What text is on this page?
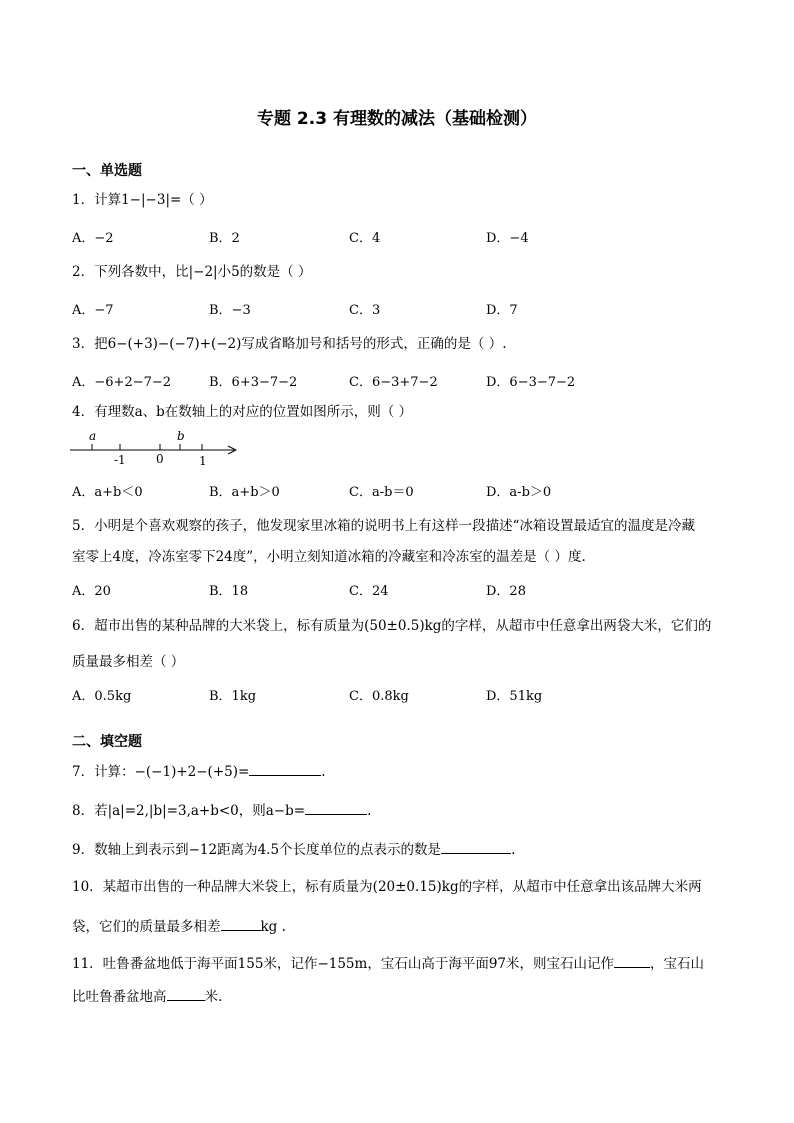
专题 2.3 有理数的减法（基础检测）
一、单选题
1．计算1−|−3|=（ ）
A．−2	B．2	C．4	D．−4
2．下列各数中，比|−2|小5的数是（ ）
A．−7	B．−3	C．3	D．7
3．把6−(+3)−(−7)+(−2)写成省略加号和括号的形式，正确的是（ ）.
A．−6+2−7−2	B．6+3−7−2	C．6−3+7−2	D．6−3−7−2
4．有理数a、b在数轴上的对应的位置如图所示，则（ ）
a	b
-1	0	1
A．a+b＜0	B．a+b＞0	C．a-b＝0	D．a-b＞0
5．小明是个喜欢观察的孩子，他发现家里冰箱的说明书上有这样一段描述“冰箱设置最适宜的温度是冷藏
室零上4度，冷冻室零下24度”，小明立刻知道冰箱的冷藏室和冷冻室的温差是（ ）度.
A．20	B．18	C．24	D．28
6．超市出售的某种品牌的大米袋上，标有质量为(50±0.5)kg的字样，从超市中任意拿出两袋大米，它们的
质量最多相差（ ）
A．0.5kg	B．1kg	C．0.8kg	D．51kg
二、填空题
7．计算：−(−1)+2−(+5)=	.
8．若|a|=2,|b|=3,a+b<0，则a−b=	.
9．数轴上到表示到−12距离为4.5个长度单位的点表示的数是	.
10．某超市出售的一种品牌大米袋上，标有质量为(20±0.15)kg的字样，从超市中任意拿出该品牌大米两
袋，它们的质量最多相差	kg .
11．吐鲁番盆地低于海平面155米，记作−155m，宝石山高于海平面97米，则宝石山记作	，宝石山
比吐鲁番盆地高	米.
